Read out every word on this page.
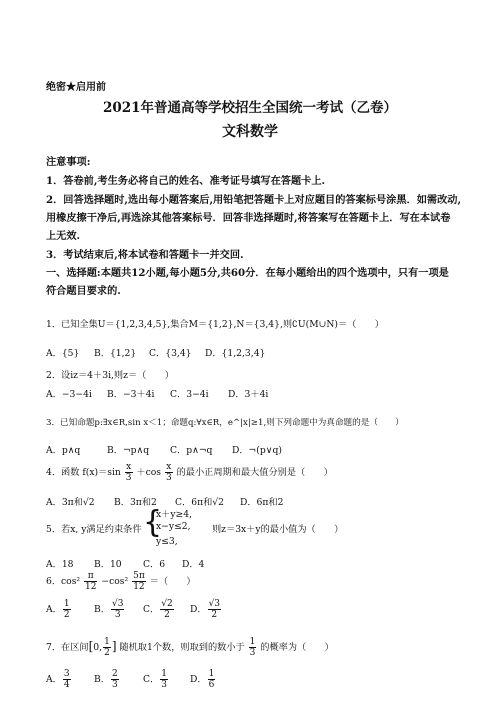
绝密★启用前
2021年普通高等学校招生全国统一考试（乙卷）
文科数学
注意事项:
1．答卷前,考生务必将自己的姓名、准考证号填写在答题卡上.
2．回答选择题时,选出每小题答案后,用铅笔把答题卡上对应题目的答案标号涂黑．如需改动,
用橡皮擦干净后,再选涂其他答案标号．回答非选择题时,将答案写在答题卡上．写在本试卷
上无效.
3．考试结束后,将本试卷和答题卡一并交回.
一、选择题:本题共12小题,每小题5分,共60分．在每小题给出的四个选项中，只有一项是
符合题目要求的.
1．已知全集U＝{1,2,3,4,5},集合M＝{1,2},N＝{3,4},则∁U(M∪N)＝（　　）
A．{5} B．{1,2} C．{3,4} D．{1,2,3,4}
2．设iz＝4＋3i,则z＝（　　）
A．−3−4i B．−3＋4i C．3−4i D．3＋4i
3．已知命题p:∃x∈R,sin x＜1；命题q:∀x∈R，e^|x|≥1,则下列命题中为真命题的是（　　）
A．p∧q	B．¬p∧q C．p∧¬q D．¬(p∨q)
4．函数 $f(x)=\sin \frac{x}{3} +\cos \frac{x}{3}$ 的最小正周期和最大值分别是（　　）
A．3π和√2 B．3π和2 C．6π和√2 D．6π和2
5．若x, y满足约束条件 {
x＋y≥4,
x−y≤2,
y≤3,
则z＝3x＋y的最小值为（　　）
A．18 B．10 C．6 D．4
6．$\cos^2 \frac{\pi}{12} -\cos^2 \frac{5\pi}{12}$ ＝（　　）
A． $\frac{1}{2}$	B． $\frac{√3}{3}$ C． $\frac{√2}{2}$ D． $\frac{√3}{2}$
7．在区间[0, $\frac{1}{2}$ ] 随机取1个数，则取到的数小于 $\frac{1}{3}$ 的概率为（　　）
A． $\frac{3}{4}$	B． $\frac{2}{3}$	C． $\frac{1}{3}$ D． $\frac{1}{6}$
